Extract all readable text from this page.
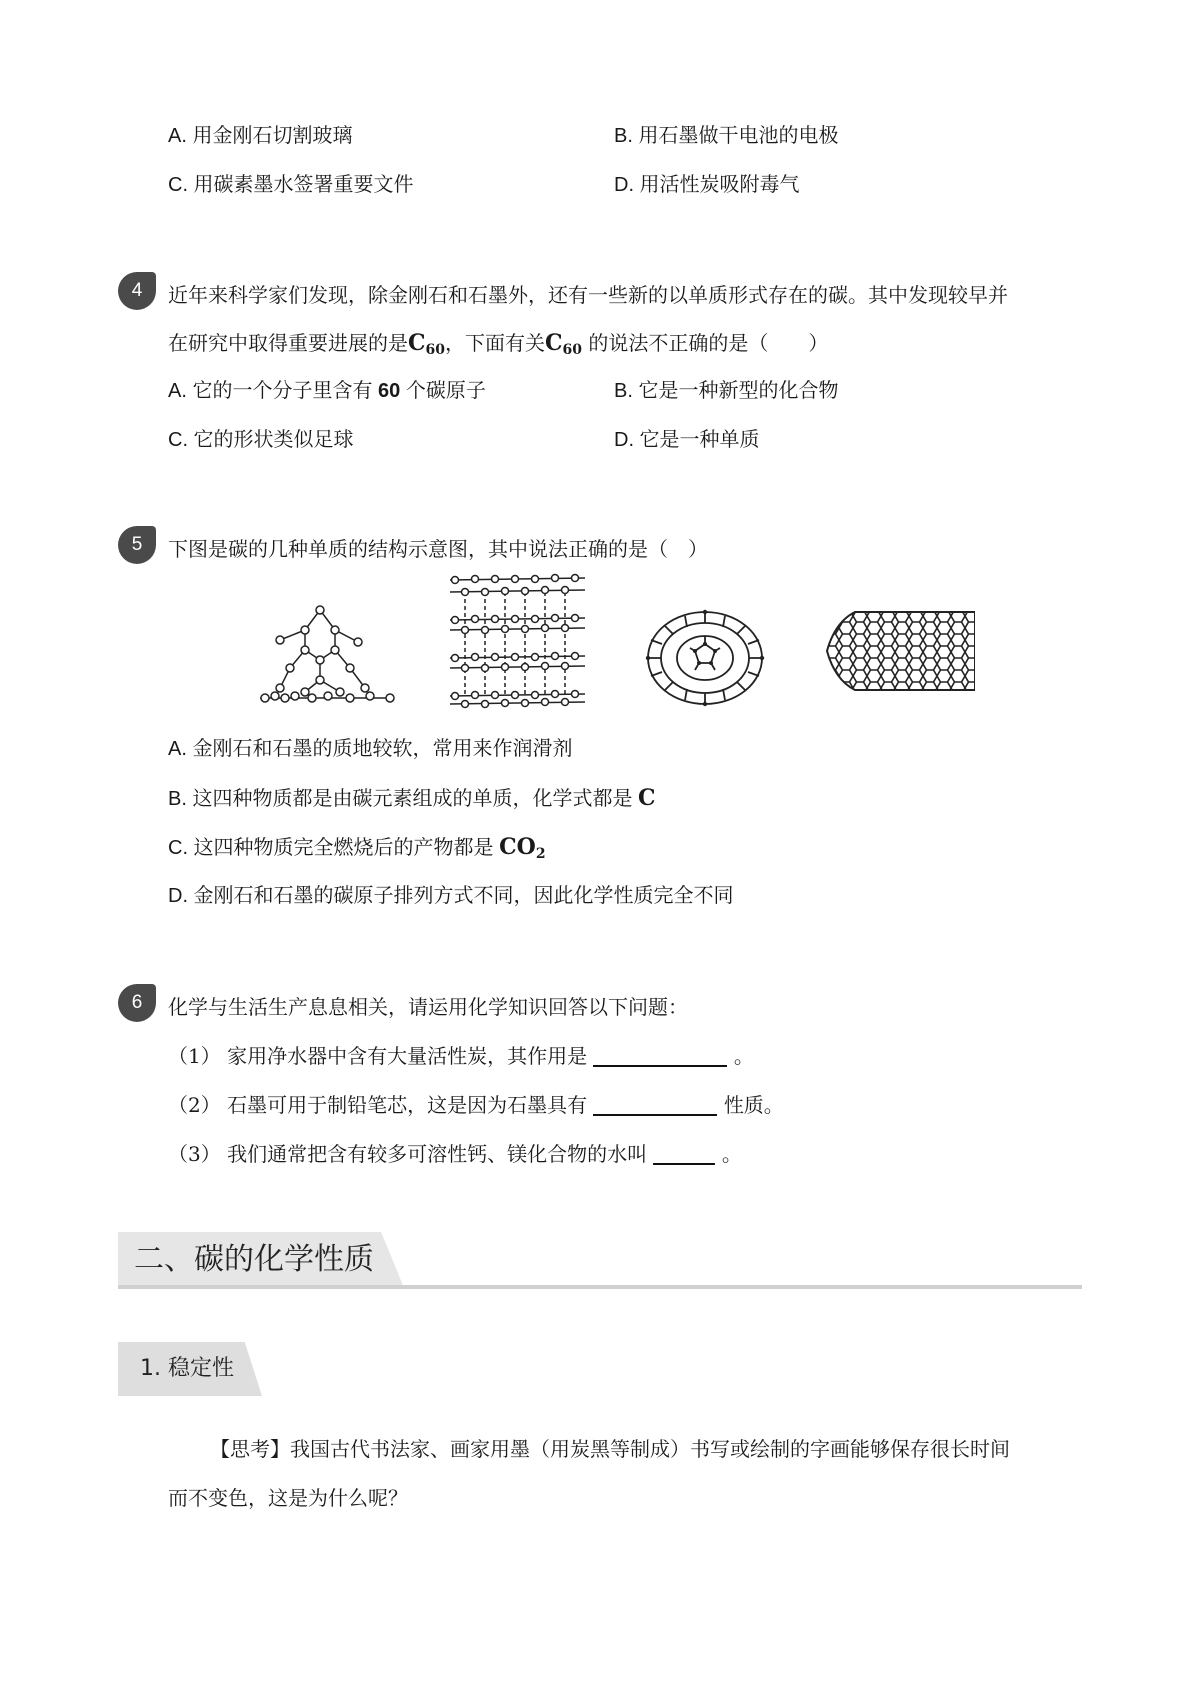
A. 用金刚石切割玻璃	B. 用石墨做干电池的电极
C. 用碳素墨水签署重要文件	D. 用活性炭吸附毒气
4	近年来科学家们发现，除金刚石和石墨外，还有一些新的以单质形式存在的碳。其中发现较早并
在研究中取得重要进展的是$C_{60}$，下面有关$C_{60}$ 的说法不正确的是（　　）
A. 它的一个分子里含有 60 个碳原子	B. 它是一种新型的化合物
C. 它的形状类似足球	D. 它是一种单质
5	下图是碳的几种单质的结构示意图，其中说法正确的是（　）
A. 金刚石和石墨的质地较软，常用来作润滑剂
B. 这四种物质都是由碳元素组成的单质，化学式都是 C
C. 这四种物质完全燃烧后的产物都是 $CO_2$
D. 金刚石和石墨的碳原子排列方式不同，因此化学性质完全不同
6	化学与生活生产息息相关，请运用化学知识回答以下问题：
（1） 家用净水器中含有大量活性炭，其作用是	。
（2） 石墨可用于制铅笔芯，这是因为石墨具有	性质。
（3） 我们通常把含有较多可溶性钙、镁化合物的水叫	。
二、碳的化学性质
1. 稳定性
【思考】我国古代书法家、画家用墨（用炭黑等制成）书写或绘制的字画能够保存很长时间
而不变色，这是为什么呢？
